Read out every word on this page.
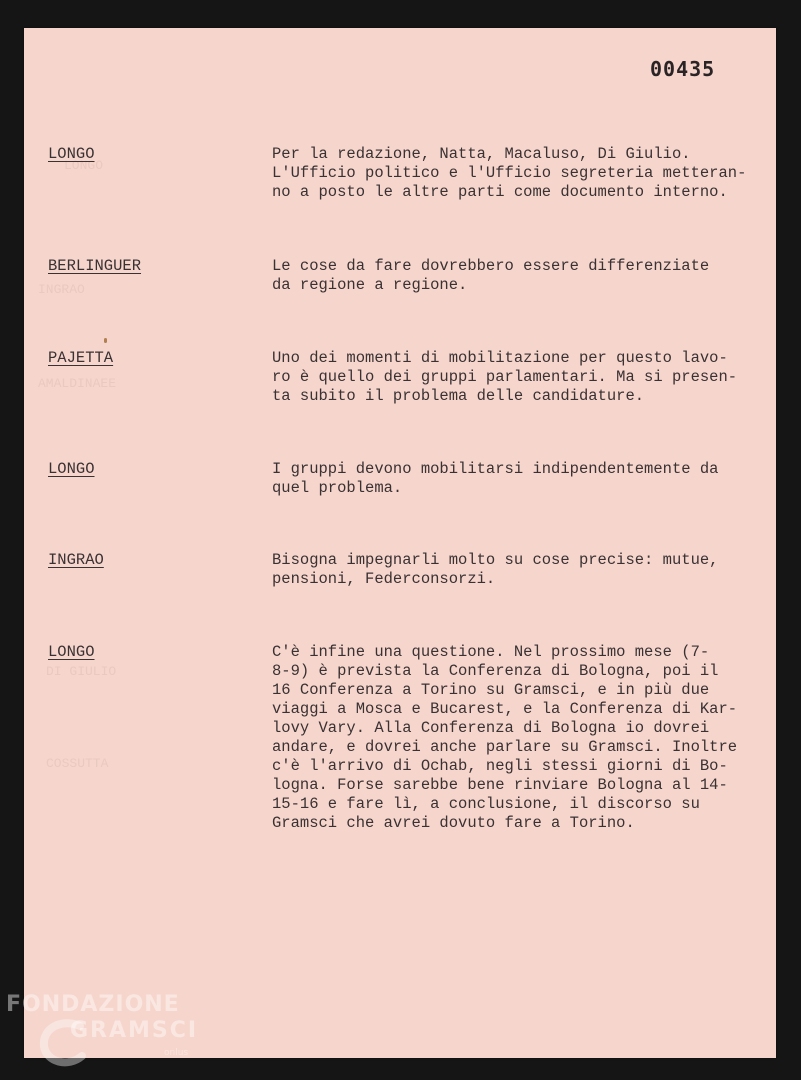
LONGO
INGRAO
AMALDINAEE
DI GIULIO
COSSUTTA
00435
LONGO	Per la redazione, Natta, Macaluso, Di Giulio.
L'Ufficio politico e l'Ufficio segreteria metteran-
no a posto le altre parti come documento interno.
BERLINGUER	Le cose da fare dovrebbero essere differenziate
da regione a regione.
PAJETTA	Uno dei momenti di mobilitazione per questo lavo-
ro è quello dei gruppi parlamentari. Ma si presen-
ta subito il problema delle candidature.
LONGO	I gruppi devono mobilitarsi indipendentemente da
quel problema.
INGRAO	Bisogna impegnarli molto su cose precise: mutue,
pensioni, Federconsorzi.
LONGO	C'è infine una questione. Nel prossimo mese (7-
8-9) è prevista la Conferenza di Bologna, poi il
16 Conferenza a Torino su Gramsci, e in più due
viaggi a Mosca e Bucarest, e la Conferenza di Kar-
lovy Vary. Alla Conferenza di Bologna io dovrei
andare, e dovrei anche parlare su Gramsci. Inoltre
c'è l'arrivo di Ochab, negli stessi giorni di Bo-
logna. Forse sarebbe bene rinviare Bologna al 14-
15-16 e fare lì, a conclusione, il discorso su
Gramsci che avrei dovuto fare a Torino.
FONDAZIONE
GRAMSCI
onlus
